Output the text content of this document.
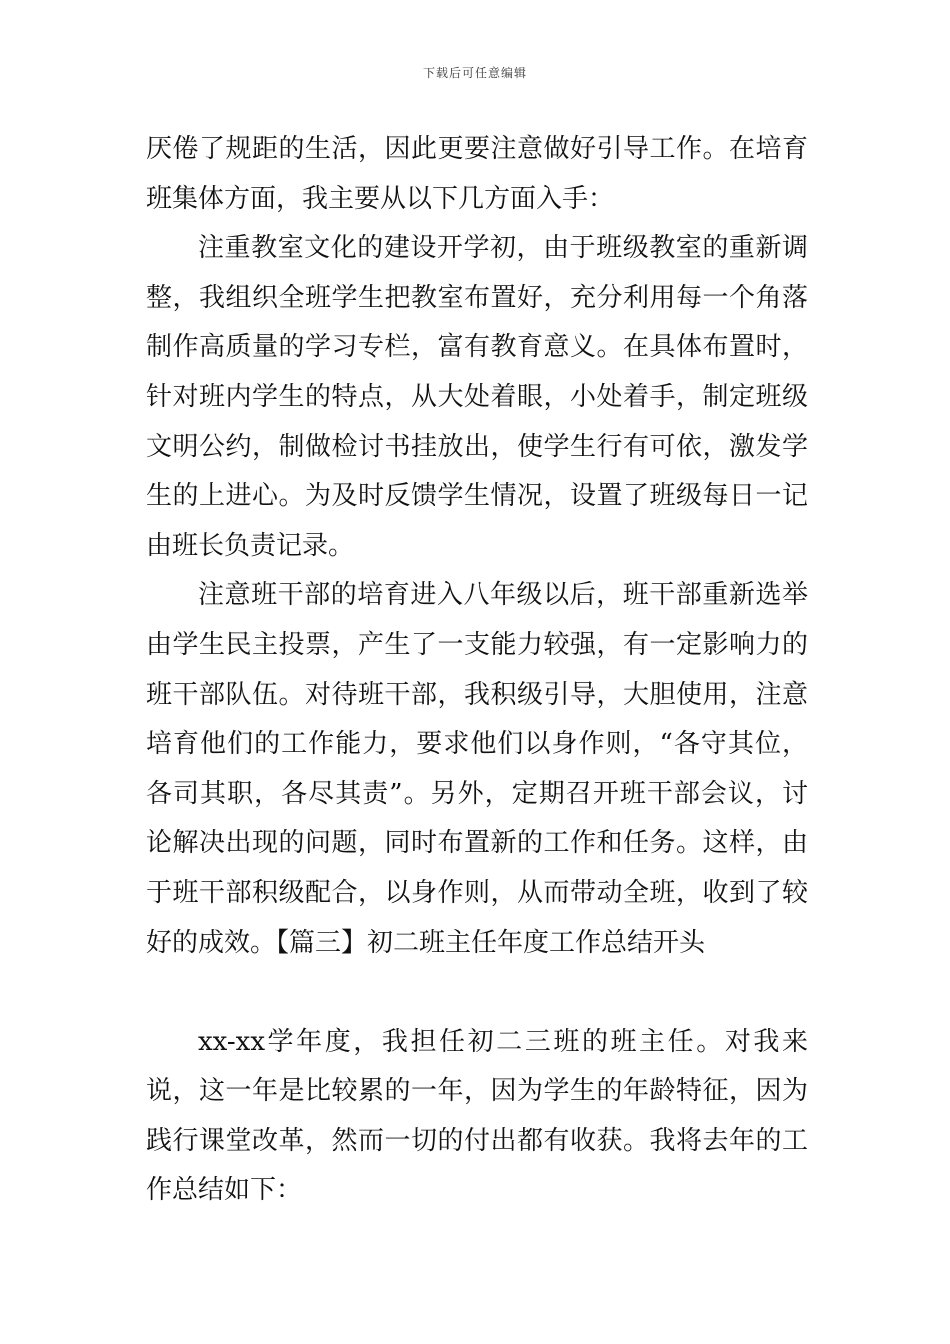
下载后可任意编辑

厌倦了规距的生活，因此更要注意做好引导工作。在培育班集体方面，我主要从以下几方面入手：

注重教室文化的建设开学初，由于班级教室的重新调整，我组织全班学生把教室布置好，充分利用每一个角落制作高质量的学习专栏，富有教育意义。在具体布置时，针对班内学生的特点，从大处着眼，小处着手，制定班级文明公约，制做检讨书挂放出，使学生行有可依，激发学生的上进心。为及时反馈学生情况，设置了班级每日一记由班长负责记录。

注意班干部的培育进入八年级以后，班干部重新选举由学生民主投票，产生了一支能力较强，有一定影响力的班干部队伍。对待班干部，我积级引导，大胆使用，注意培育他们的工作能力，要求他们以身作则，“各守其位，各司其职，各尽其责”。另外，定期召开班干部会议，讨论解决出现的问题，同时布置新的工作和任务。这样，由于班干部积级配合，以身作则，从而带动全班，收到了较好的成效。【篇三】初二班主任年度工作总结开头

xx-xx学年度，我担任初二三班的班主任。对我来说，这一年是比较累的一年，因为学生的年龄特征，因为践行课堂改革，然而一切的付出都有收获。我将去年的工作总结如下：
